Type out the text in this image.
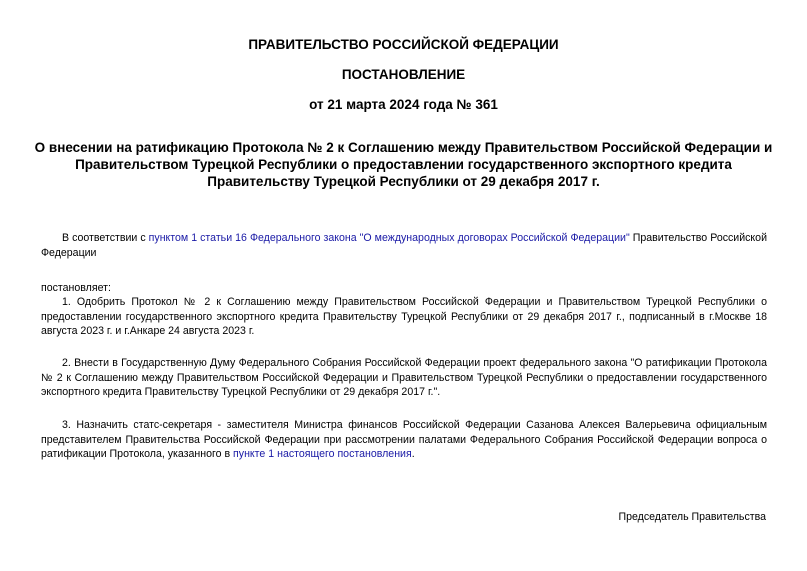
ПРАВИТЕЛЬСТВО РОССИЙСКОЙ ФЕДЕРАЦИИ

ПОСТАНОВЛЕНИЕ

от 21 марта 2024 года № 361

О внесении на ратификацию Протокола № 2 к Соглашению между Правительством Российской Федерации и Правительством Турецкой Республики о предоставлении государственного экспортного кредита Правительству Турецкой Республики от 29 декабря 2017 г.

В соответствии с пунктом 1 статьи 16 Федерального закона "О международных договорах Российской Федерации" Правительство Российской Федерации

постановляет:

1. Одобрить Протокол № 2 к Соглашению между Правительством Российской Федерации и Правительством Турецкой Республики о предоставлении государственного экспортного кредита Правительству Турецкой Республики от 29 декабря 2017 г., подписанный в г.Москве 18 августа 2023 г. и г.Анкаре 24 августа 2023 г.

2. Внести в Государственную Думу Федерального Собрания Российской Федерации проект федерального закона "О ратификации Протокола № 2 к Соглашению между Правительством Российской Федерации и Правительством Турецкой Республики о предоставлении государственного экспортного кредита Правительству Турецкой Республики от 29 декабря 2017 г.".

3. Назначить статс-секретаря - заместителя Министра финансов Российской Федерации Сазанова Алексея Валерьевича официальным представителем Правительства Российской Федерации при рассмотрении палатами Федерального Собрания Российской Федерации вопроса о ратификации Протокола, указанного в пункте 1 настоящего постановления.

Председатель Правительства
